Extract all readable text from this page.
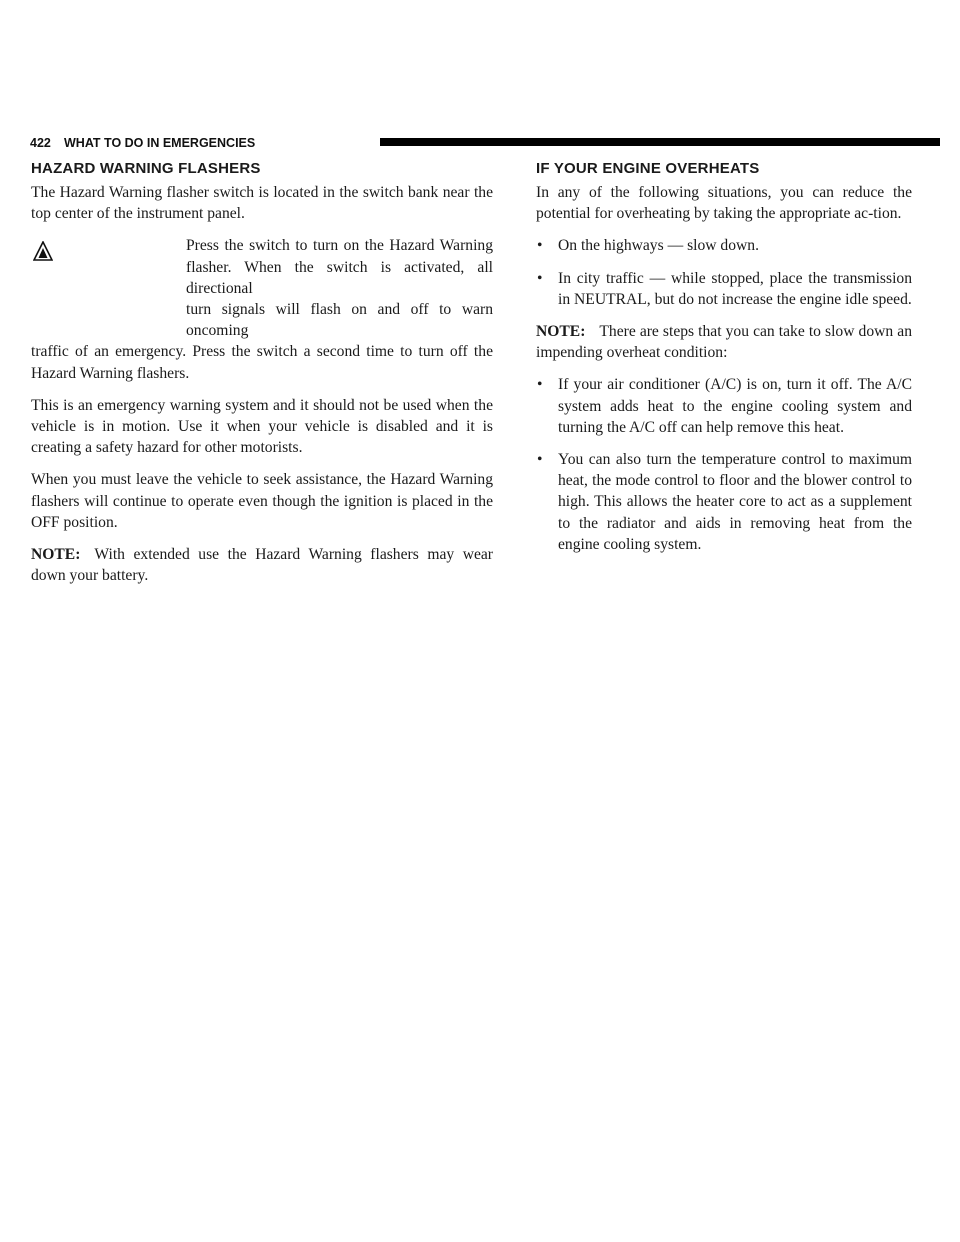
422 WHAT TO DO IN EMERGENCIES
HAZARD WARNING FLASHERS

The Hazard Warning flasher switch is located in the switch bank near the top center of the instrument panel.

Press the switch to turn on the Hazard Warning
flasher. When the switch is activated, all directional
turn signals will flash on and off to warn oncoming
traffic of an emergency. Press the switch a second time to turn off the Hazard Warning flashers.

This is an emergency warning system and it should not be used when the vehicle is in motion. Use it when your vehicle is disabled and it is creating a safety hazard for other motorists.

When you must leave the vehicle to seek assistance, the Hazard Warning flashers will continue to operate even though the ignition is placed in the OFF position.

NOTE: With extended use the Hazard Warning flashers may wear down your battery.

IF YOUR ENGINE OVERHEATS

In any of the following situations, you can reduce the potential for overheating by taking the appropriate ac-tion.

• On the highways — slow down.
• In city traffic — while stopped, place the transmission in NEUTRAL, but do not increase the engine idle speed.

NOTE: There are steps that you can take to slow down an impending overheat condition:

• If your air conditioner (A/C) is on, turn it off. The A/C system adds heat to the engine cooling system and turning the A/C off can help remove this heat.
• You can also turn the temperature control to maximum heat, the mode control to floor and the blower control to high. This allows the heater core to act as a supplement to the radiator and aids in removing heat from the engine cooling system.
